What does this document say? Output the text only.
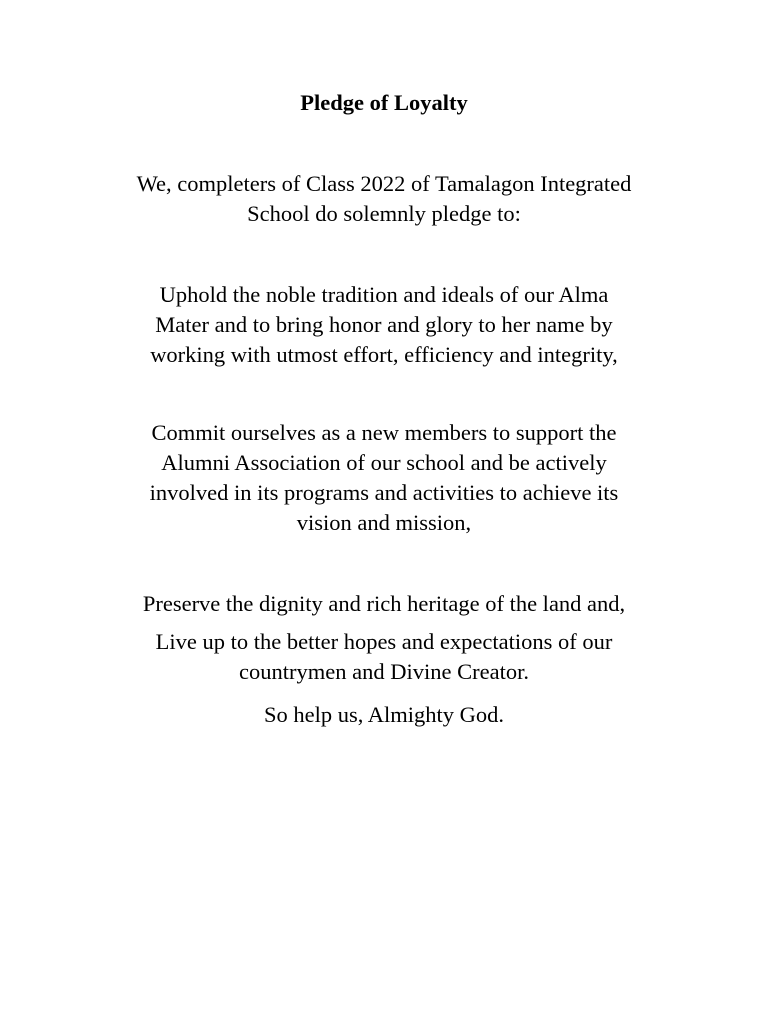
Pledge of Loyalty

We, completers of Class 2022 of Tamalagon Integrated
School do solemnly pledge to:

Uphold the noble tradition and ideals of our Alma
Mater and to bring honor and glory to her name by
working with utmost effort, efficiency and integrity,

Commit ourselves as a new members to support the
Alumni Association of our school and be actively
involved in its programs and activities to achieve its
vision and mission,

Preserve the dignity and rich heritage of the land and,

Live up to the better hopes and expectations of our
countrymen and Divine Creator.

So help us, Almighty God.
